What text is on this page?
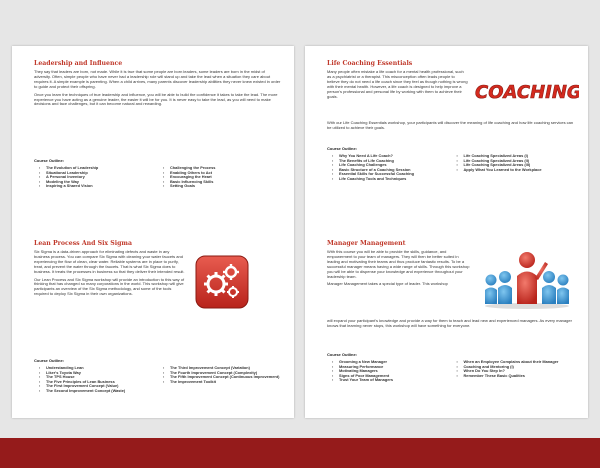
Leadership and Influence

They say that leaders are born, not made. While it is true that some people are born leaders, some leaders are born in the midst of adversity. Often, simple people who have never had a leadership role will stand up and take the lead when a situation they care about requires it. A simple example is parenting. When a child arrives, many parents discover leadership abilities they never knew existed in order to guide and protect their offspring.

Once you learn the techniques of true leadership and influence, you will be able to build the confidence it takes to take the lead. The more experience you have acting as a genuine leader, the easier it will be for you. It is never easy to take the lead, as you will need to make decisions and face challenges, but it can become natural and rewarding.

Course Outline:
▪ The Evolution of Leadership
▪ Situational Leadership
▪ A Personal Inventory
▪ Modeling the Way
▪ Inspiring a Shared Vision
▪ Challenging the Process
▪ Enabling Others to Act
▪ Encouraging the Heart
▪ Basic Influencing Skills
▪ Setting Goals
Lean Process And Six Sigma

Six Sigma is a data-driven approach for eliminating defects and waste in any business process. You can compare Six Sigma with cleaning your water faucets and experiencing the flow of clean, clear water. Reliable systems are in place to purify, treat, and prevent the water through the faucets. That is what Six Sigma does to business. It treats the processes in business so that they deliver their intended result.

Our Lean Process and Six Sigma workshop will provide an introduction to this way of thinking that has changed so many corporations in the world. This workshop will give participants an overview of the Six Sigma methodology, and some of the tools required to deploy Six Sigma in their own organizations.

Course Outline:
▪ Understanding Lean
▪ Liker's Toyota Way
▪ The TPS House
▪ The Five Principles of Lean Business
▪ The First Improvement Concept (Value)
▪ The Second Improvement Concept (Waste)
▪ The Third Improvement Concept (Variation)
▪ The Fourth Improvement Concept (Complexity)
▪ The Fifth Improvement Concept (Continuous Improvement)
▪ The Improvement Toolkit
Life Coaching Essentials

Many people often mistake a life coach for a mental health professional, such as a psychiatrist or a therapist. This misconception often leads people to believe they do not need a life coach since they feel as though nothing is wrong with their mental health. However, a life coach is designed to help improve a person's professional and personal life by working with them to achieve their goals.	COACHING

With our Life Coaching Essentials workshop, your participants will discover the meaning of life coaching and how life coaching services can be utilized to achieve their goals.

Course Outline:
▪ Why You Need A Life Coach?
▪ The Benefits of Life Coaching
▪ Life Coaching Challenges
▪ Basic Structure of a Coaching Session
▪ Essential Skills for Successful Coaching
▪ Life Coaching Tools and Techniques
▪ Life Coaching Specialized Areas (I)
▪ Life Coaching Specialized Areas (II)
▪ Life Coaching Specialized Areas (III)
▪ Apply What You Learned to the Workplace
Manager Management

With this course you will be able to provide the skills, guidance, and empowerment to your team of managers. They will then be better suited in leading and motivating their teams and thus produce fantastic results. To be a successful manager means having a wide range of skills. Through this workshop you will be able to dispense your knowledge and experience throughout your leadership team.

Manager Management takes a special type of leader. This workshop

will expand your participant's knowledge and provide a way for them to teach and lead new and experienced managers. As every manager knows that learning never stops, this workshop will have something for everyone.

Course Outline:
▪ Grooming a New Manager
▪ Measuring Performance
▪ Motivating Managers
▪ Signs of Poor Management
▪ Trust Your Team of Managers
▪ When an Employee Complains about their Manager
▪ Coaching and Mentoring (I)
▪ When Do You Step In?
▪ Remember These Basic Qualities
